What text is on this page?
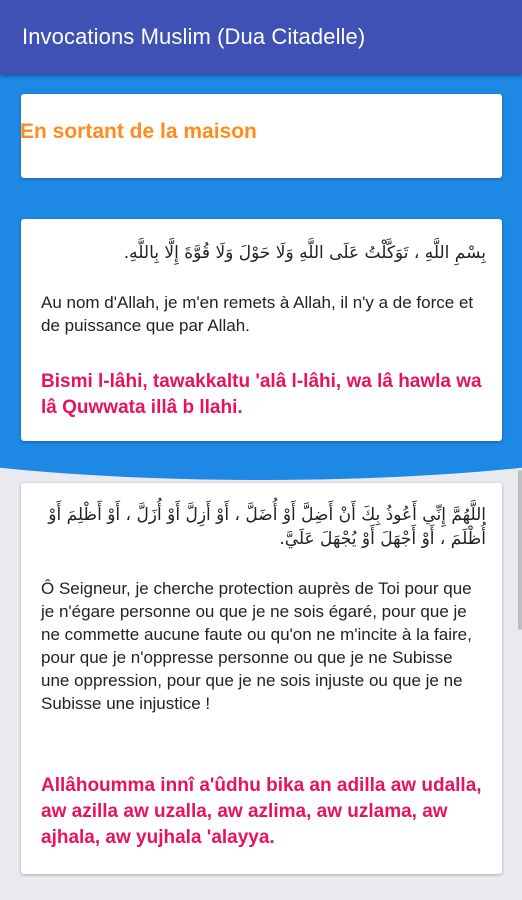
Invocations Muslim (Dua Citadelle)
En sortant de la maison
بِسْمِ اللَّهِ ، تَوَكَّلْتُ عَلَى اللَّهِ وَلَا حَوْلَ وَلَا قُوَّةَ إِلَّا بِاللَّهِ.
Au nom d'Allah, je m'en remets à Allah, il n'y a de force et de puissance que par Allah.
Bismi l-lâhi, tawakkaltu 'alâ l-lâhi, wa lâ hawla wa lâ Quwwata illâ b llahi.
اللَّهُمَّ إِنِّي أَعُوذُ بِكَ أَنْ أَضِلَّ أَوْ أُضَلَّ ، أَوْ أَزِلَّ أَوْ أُزَلَّ ، أَوْ أَظْلِمَ أَوْ أُظْلَمَ ، أَوْ أَجْهَلَ أَوْ يُجْهَلَ عَلَيَّ.
Ô Seigneur, je cherche protection auprès de Toi pour que je n'égare personne ou que je ne sois égaré, pour que je ne commette aucune faute ou qu'on ne m'incite à la faire, pour que je n'oppresse personne ou que je ne Subisse une oppression, pour que je ne sois injuste ou que je ne Subisse une injustice !
Allâhoumma innî a'ûdhu bika an adilla aw udalla, aw azilla aw uzalla, aw azlima, aw uzlama, aw ajhala, aw yujhala 'alayya.
